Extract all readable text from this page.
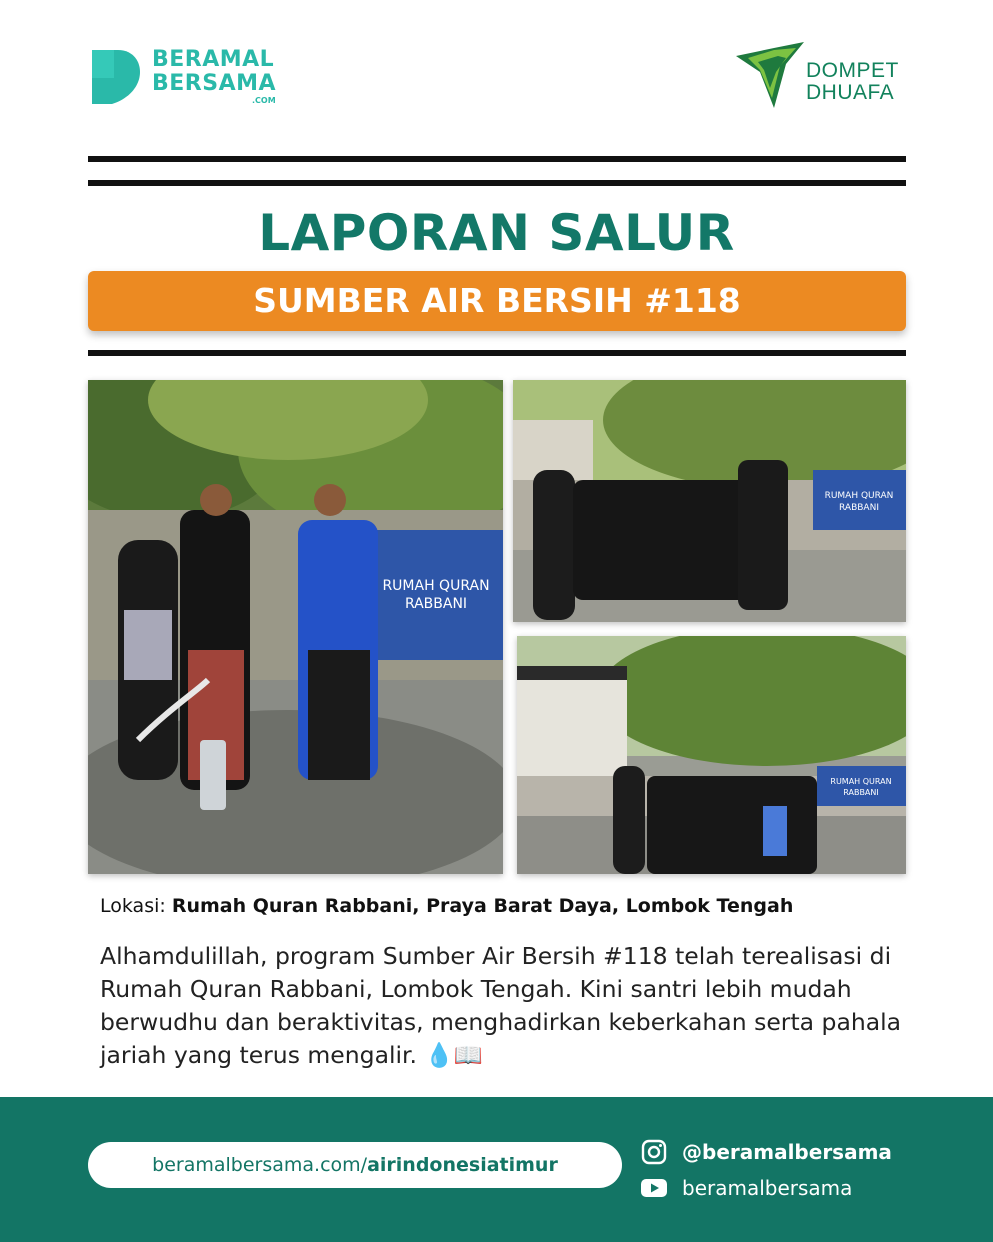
BERAMAL
BERSAMA
.COM
DOMPET
DHUAFA
LAPORAN SALUR
SUMBER AIR BERSIH #118
RUMAH QURAN
RABBANI
RUMAH QURAN
RABBANI
RUMAH QURAN
RABBANI
Lokasi: Rumah Quran Rabbani, Praya Barat Daya, Lombok Tengah
Alhamdulillah, program Sumber Air Bersih #118 telah terealisasi di Rumah Quran Rabbani, Lombok Tengah. Kini santri lebih mudah berwudhu dan beraktivitas, menghadirkan keberkahan serta pahala jariah yang terus mengalir. 💧📖
beramalbersama.com/airindonesiatimur
@beramalbersama
beramalbersama
